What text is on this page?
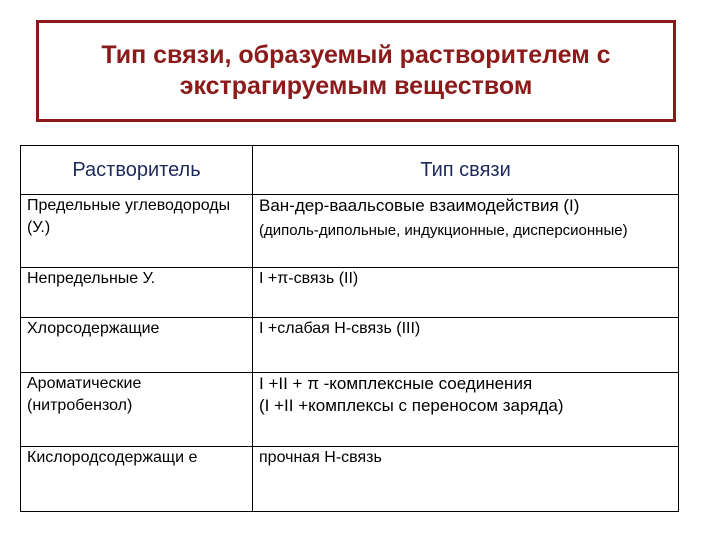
Тип связи, образуемый растворителем с
экстрагируемым веществом
Растворитель	Тип связи
Предельные углеводороды (У.)	Ван-дер-ваальсовые взаимодействия (I)
(диполь-дипольные, индукционные, дисперсионные)

Непредельные У.	I +π-связь (II)
Хлорсодержащие	I +слабая Н-связь (III)
Ароматические (нитробензол)	I +II + π -комплексные соединения
(I +II +комплексы с переносом заряда)

Кислородсодержащи е	прочная Н-связь
